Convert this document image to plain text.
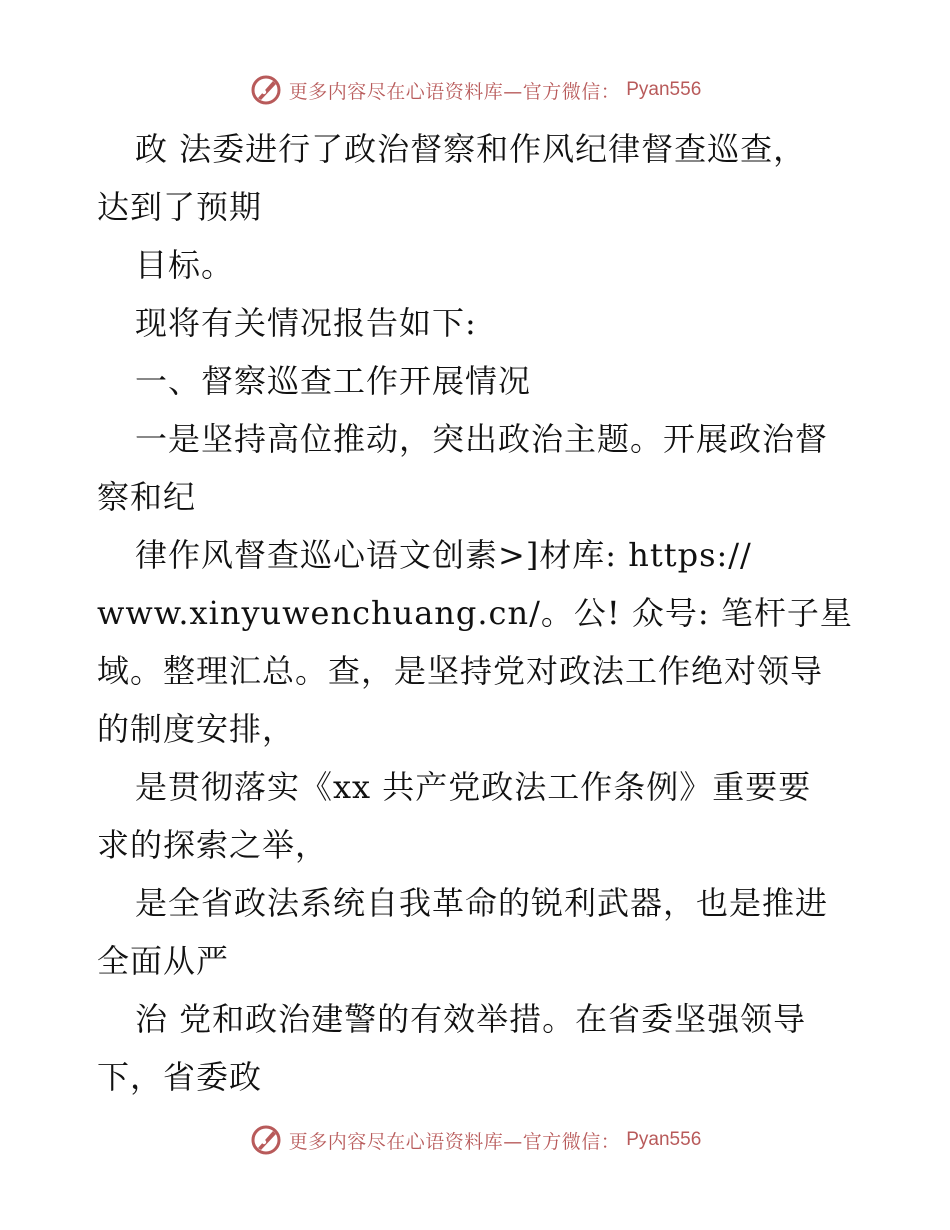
更多内容尽在心语资料库—官方微信： Pyan556
政 法委进行了政治督察和作风纪律督查巡查，
达到了预期
目标。
现将有关情况报告如下:
一、督察巡查工作开展情况
一是坚持高位推动，突出政治主题。开展政治督
察和纪
律作风督查巡心语文创素>]材库: https://
www.xinyuwenchuang.cn/。公! 众号: 笔杆子星
域。整理汇总。查，是坚持党对政法工作绝对领导
的制度安排，
是贯彻落实《xx 共产党政法工作条例》重要要
求的探索之举，
是全省政法系统自我革命的锐利武器，也是推进
全面从严
治 党和政治建警的有效举措。在省委坚强领导
下，省委政
更多内容尽在心语资料库—官方微信： Pyan556
